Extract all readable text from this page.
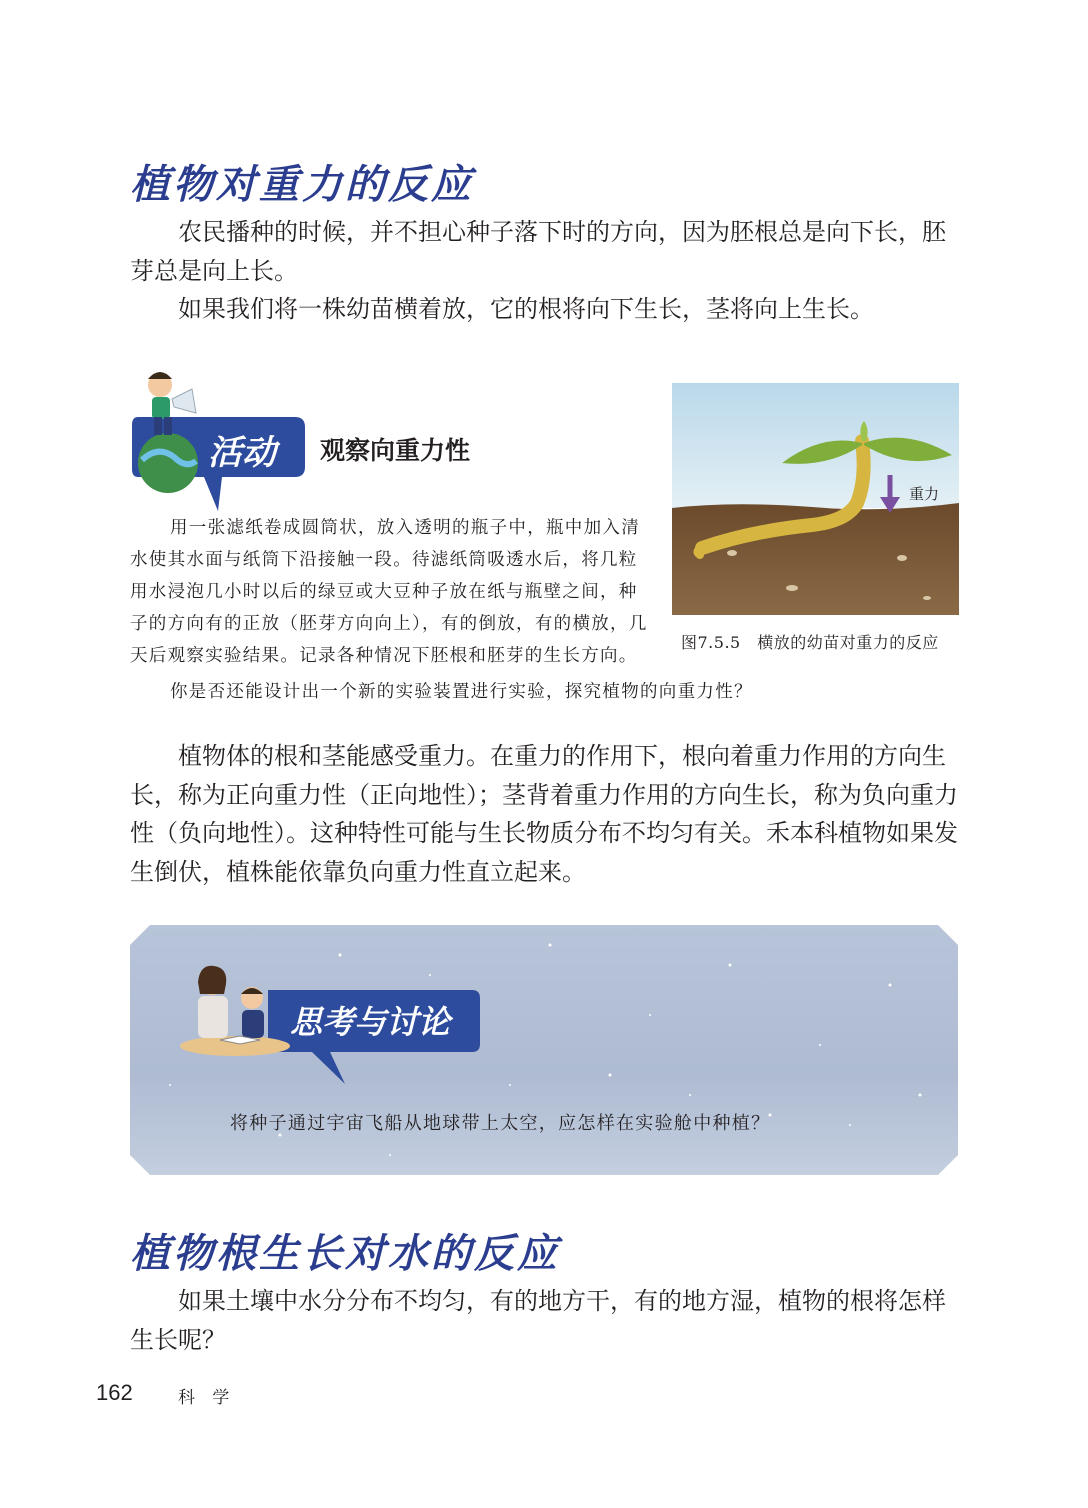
植物对重力的反应

农民播种的时候，并不担心种子落下时的方向，因为胚根总是向下长，胚芽总是向上长。

如果我们将一株幼苗横着放，它的根将向下生长，茎将向上生长。

活动 观察向重力性

用一张滤纸卷成圆筒状，放入透明的瓶子中，瓶中加入清

水使其水面与纸筒下沿接触一段。待滤纸筒吸透水后，将几粒

用水浸泡几小时以后的绿豆或大豆种子放在纸与瓶壁之间，种

子的方向有的正放（胚芽方向向上），有的倒放，有的横放，几

天后观察实验结果。记录各种情况下胚根和胚芽的生长方向。

你是否还能设计出一个新的实验装置进行实验，探究植物的向重力性？

重力
图7.5.5　横放的幼苗对重力的反应

植物体的根和茎能感受重力。在重力的作用下，根向着重力作用的方向生长，称为正向重力性（正向地性）；茎背着重力作用的方向生长，称为负向重力性（负向地性）。这种特性可能与生长物质分布不均匀有关。禾本科植物如果发生倒伏，植株能依靠负向重力性直立起来。

思考与讨论

将种子通过宇宙飞船从地球带上太空，应怎样在实验舱中种植？

植物根生长对水的反应

如果土壤中水分分布不均匀，有的地方干，有的地方湿，植物的根将怎样生长呢？

162	科 学
